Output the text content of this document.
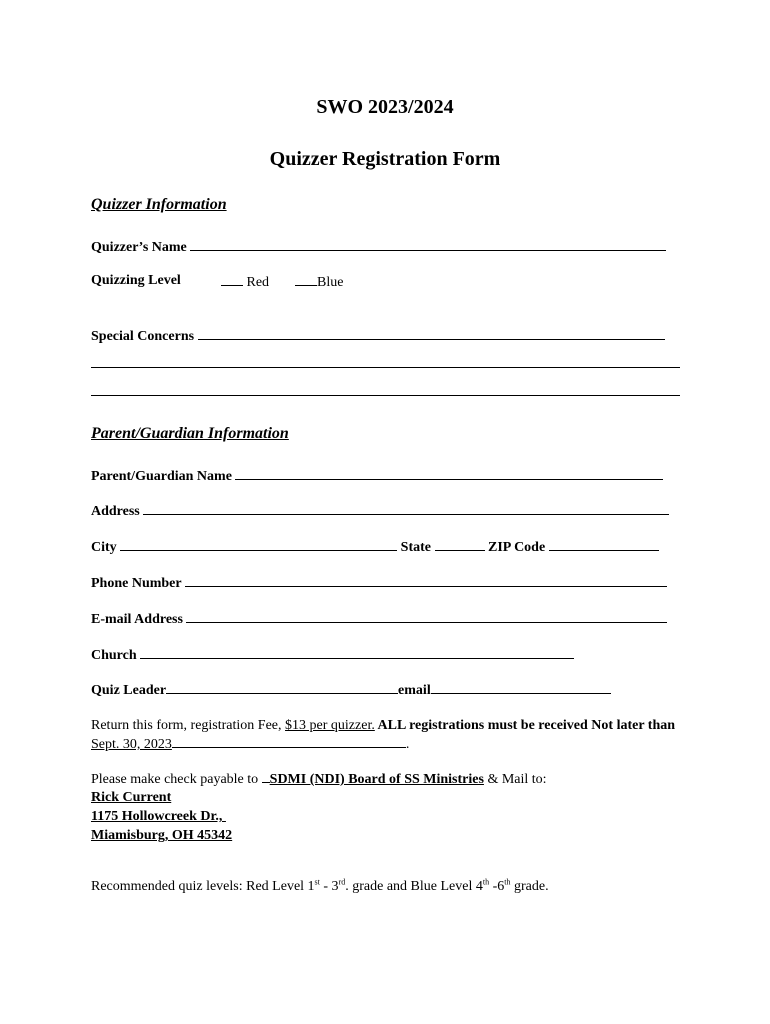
SWO 2023/2024
Quizzer Registration Form
Quizzer Information
Quizzer’s Name
Quizzing Level	Red	Blue
Special Concerns
Parent/Guardian Information
Parent/Guardian Name
Address
City	State	ZIP Code
Phone Number
E-mail Address
Church
Quiz Leader	email
Return this form, registration Fee, $13 per quizzer. ALL registrations must be received Not later than
Sept. 30, 2023	.
Please make check payable to SDMI (NDI) Board of SS Ministries & Mail to:
Rick Current
1175 Hollowcreek Dr.,
Miamisburg, OH 45342
Recommended quiz levels: Red Level 1st - 3rd. grade and Blue Level 4th -6th grade.
